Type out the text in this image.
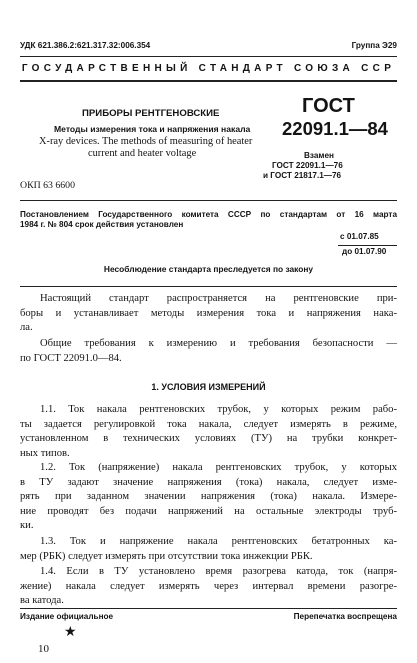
УДК 621.386.2:621.317.32:006.354	Группа Э29
ГОСУДАРСТВЕННЫЙ СТАНДАРТ СОЮЗА ССР
ПРИБОРЫ РЕНТГЕНОВСКИЕ
Методы измерения тока и напряжения накала
X-ray devices. The methods of measuring of heater
current and heater voltage
ГОСТ
22091.1—84
Взамен
ГОСТ 22091.1—76
и ГОСТ 21817.1—76
ОКП 63 6600
Постановлением Государственного комитета СССР по стандартам от 16 марта
1984 г. № 804 срок действия установлен
с 01.07.85
до 01.07.90
Несоблюдение стандарта преследуется по закону
Настоящий стандарт распространяется на рентгеновские при-
боры и устанавливает методы измерения тока и напряжения нака-
ла.
Общие требования к измерению и требования безопасности —
по ГОСТ 22091.0—84.
1. УСЛОВИЯ ИЗМЕРЕНИЙ
1.1. Ток накала рентгеновских трубок, у которых режим рабо-
ты задается регулировкой тока накала, следует измерять в режиме,
установленном в технических условиях (ТУ) на трубки конкрет-
ных типов.
1.2. Ток (напряжение) накала рентгеновских трубок, у которых
в ТУ задают значение напряжения (тока) накала, следует изме-
рять при заданном значении напряжения (тока) накала. Измере-
ние проводят без подачи напряжений на остальные электроды труб-
ки.
1.3. Ток и напряжение накала рентгеновских бетатронных ка-
мер (РБК) следует измерять при отсутствии тока инжекции РБК.
1.4. Если в ТУ установлено время разогрева катода, ток (напря-
жение) накала следует измерять через интервал времени разогре-
ва катода.
Издание официальное	Перепечатка воспрещена
★
10
